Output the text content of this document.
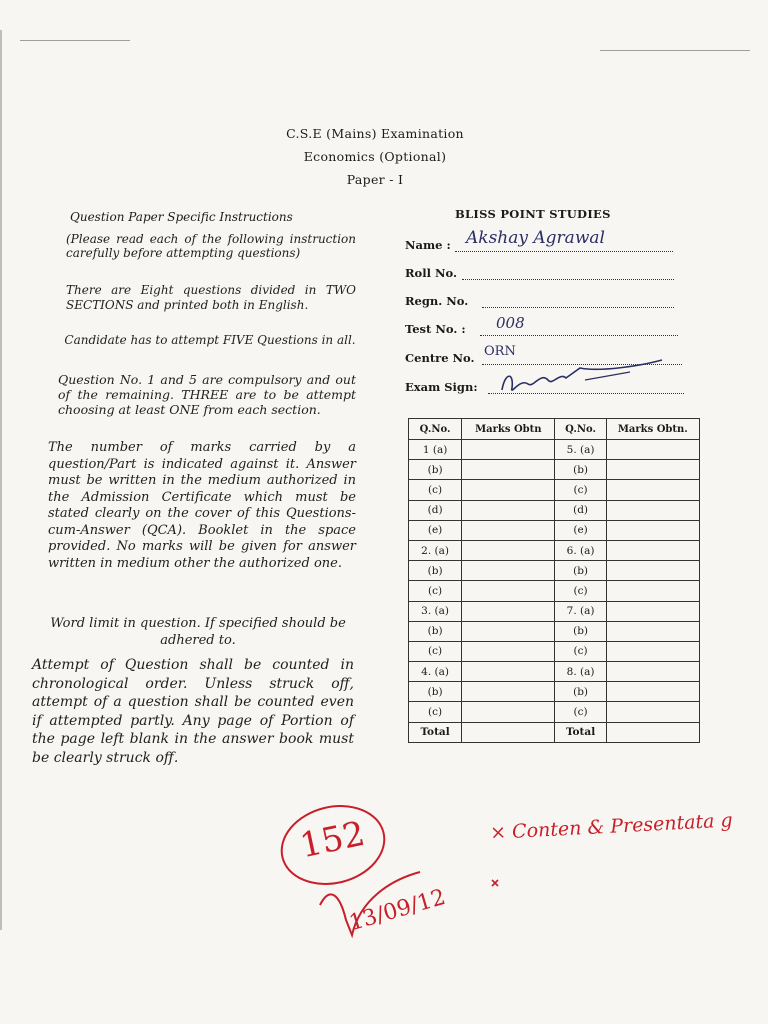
C.S.E (Mains) Examination
Economics (Optional)
Paper - I
Question Paper Specific Instructions
(Please read each of the following instruction carefully before attempting questions)
There are Eight questions divided in TWO SECTIONS and printed both in English.
Candidate has to attempt FIVE Questions in all.
Question No. 1 and 5 are compulsory and out of the remaining. THREE are to be attempt choosing at least ONE from each section.
The number of marks carried by a question/Part is indicated against it. Answer must be written in the medium authorized in the Admission Certificate which must be stated clearly on the cover of this Questions-cum-Answer (QCA). Booklet in the space provided. No marks will be given for answer written in medium other the authorized one.
Word limit in question. If specified should be adhered to.
Attempt of Question shall be counted in chronological order. Unless struck off, attempt of a question shall be counted even if attempted partly. Any page of Portion of the page left blank in the answer book must be clearly struck off.
BLISS POINT STUDIES
Name : Akshay Agrawal
Roll No.
Regn. No.
Test No. : 008
Centre No. ORN
Exam Sign:
Q.No.	Marks Obtn	Q.No.	Marks Obtn.
1 (a)		5. (a)	
(b)		(b)	
(c)		(c)	
(d)		(d)	
(e)		(e)	
2. (a)		6. (a)	
(b)		(b)	
(c)		(c)	
3. (a)		7. (a)	
(b)		(b)	
(c)		(c)	
4. (a)		8. (a)	
(b)		(b)	
(c)		(c)	
Total		Total	
152	× Conten & Presentata g
13/09/12
